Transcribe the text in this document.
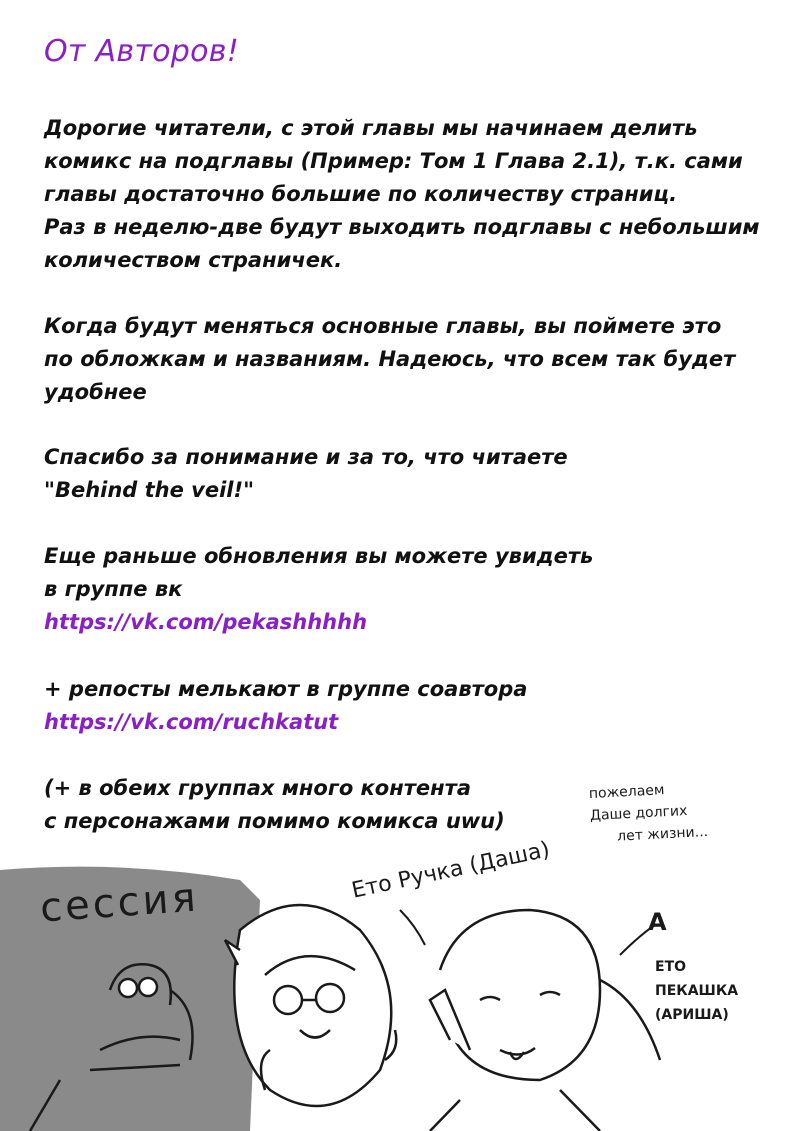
От Авторов!
Дорогие читатели, с этой главы мы начинаем делить
комикс на подглавы (Пример: Том 1 Глава 2.1), т.к. сами
главы достаточно большие по количеству страниц.
Раз в неделю-две будут выходить подглавы с небольшим
количеством страничек.
Когда будут меняться основные главы, вы поймете это
по обложкам и названиям. Надеюсь, что всем так будет
удобнее
Спасибо за понимание и за то, что читаете
"Behind the veil!"
Еще раньше обновления вы можете увидеть
в группе вк
https://vk.com/pekashhhhh
+ репосты мелькают в группе соавтора
https://vk.com/ruchkatut
(+ в обеих группах много контента
с персонажами помимо комикса uwu)
пожелаем
Даше долгих
лет жизни...
сессия	Ето Ручка (Даша)
А
ЕТО
ПЕКАШКА
(АРИША)
